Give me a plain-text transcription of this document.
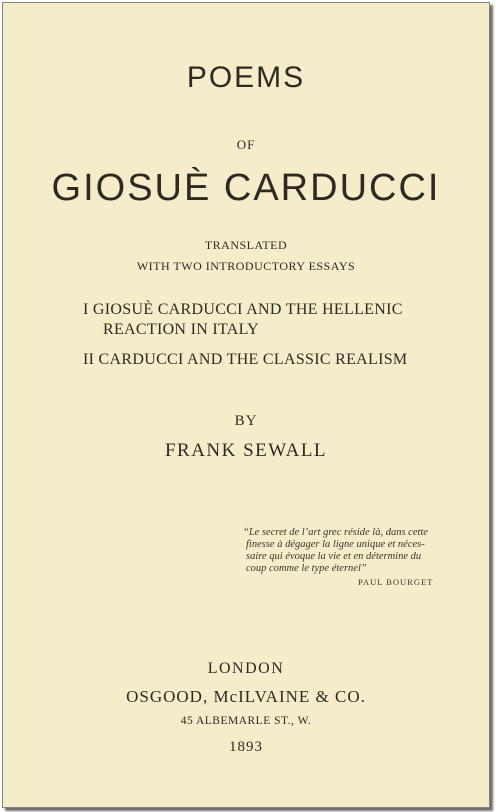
POEMS
OF
GIOSUÈ CARDUCCI
TRANSLATED
WITH TWO INTRODUCTORY ESSAYS
I GIOSUÈ CARDUCCI AND THE HELLENIC
REACTION IN ITALY
II CARDUCCI AND THE CLASSIC REALISM
BY
FRANK SEWALL
“Le secret de l’art grec réside là, dans cette
finesse à dégager la ligne unique et néces-
saire qui évoque la vie et en détermine du
coup comme le type éternel”
PAUL BOURGET
LONDON
OSGOOD, McILVAINE & CO.
45 ALBEMARLE ST., W.
1893
